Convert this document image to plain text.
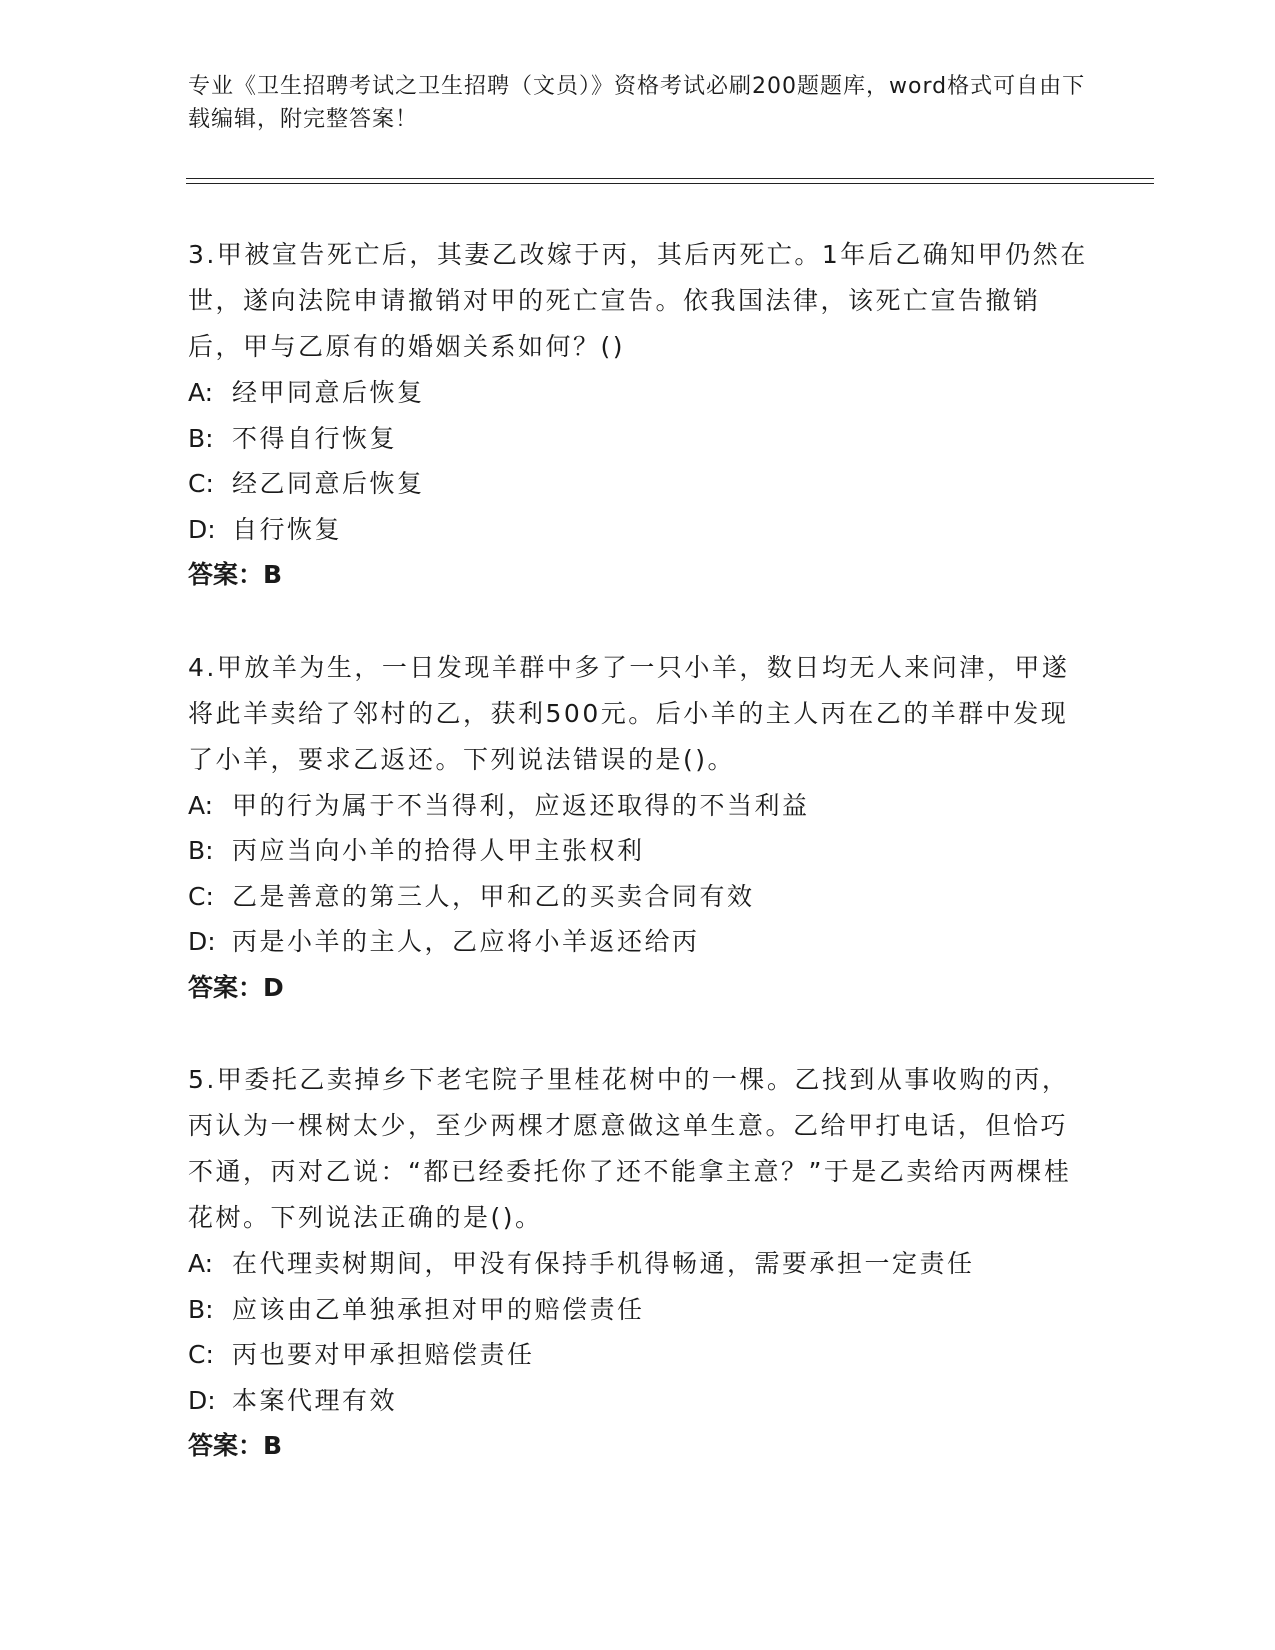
专业《卫生招聘考试之卫生招聘（文员）》资格考试必刷200题题库，word格式可自由下载编辑，附完整答案！

3.甲被宣告死亡后，其妻乙改嫁于丙，其后丙死亡。1年后乙确知甲仍然在世，遂向法院申请撤销对甲的死亡宣告。依我国法律，该死亡宣告撤销后，甲与乙原有的婚姻关系如何？()

A: 经甲同意后恢复

B: 不得自行恢复

C: 经乙同意后恢复

D: 自行恢复

答案：B

4.甲放羊为生，一日发现羊群中多了一只小羊，数日均无人来问津，甲遂将此羊卖给了邻村的乙，获利500元。后小羊的主人丙在乙的羊群中发现了小羊，要求乙返还。下列说法错误的是()。

A: 甲的行为属于不当得利，应返还取得的不当利益

B: 丙应当向小羊的拾得人甲主张权利

C: 乙是善意的第三人，甲和乙的买卖合同有效

D: 丙是小羊的主人，乙应将小羊返还给丙

答案：D

5.甲委托乙卖掉乡下老宅院子里桂花树中的一棵。乙找到从事收购的丙，丙认为一棵树太少，至少两棵才愿意做这单生意。乙给甲打电话，但恰巧不通，丙对乙说：“都已经委托你了还不能拿主意？”于是乙卖给丙两棵桂花树。下列说法正确的是()。

A: 在代理卖树期间，甲没有保持手机得畅通，需要承担一定责任

B: 应该由乙单独承担对甲的赔偿责任

C: 丙也要对甲承担赔偿责任

D: 本案代理有效

答案：B
